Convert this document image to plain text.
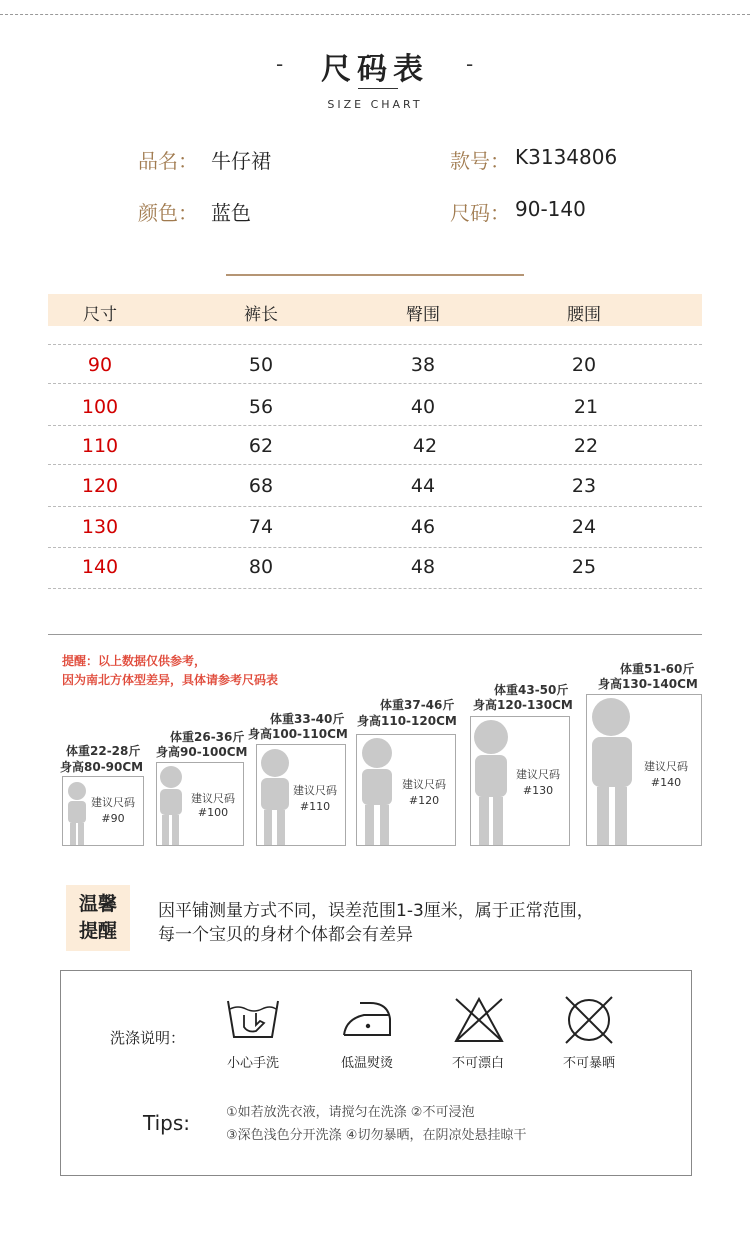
-	尺码表	-
SIZE CHART
品名： 牛仔裙	款号： K3134806
颜色： 蓝色	尺码： 90-140
尺寸	裤长	臀围	腰围
90	50	38	20
100	56	40	21
110	62	42	22
120	68	44	23
130	74	46	24
140	80	48	25
提醒：以上数据仅供参考，
因为南北方体型差异，具体请参考尺码表
体重22-28斤
身高80-90CM
建议尺码
#90
体重26-36斤
身高90-100CM
建议尺码
#100
体重33-40斤
身高100-110CM
建议尺码
#110
体重37-46斤
身高110-120CM
建议尺码
#120
体重43-50斤
身高120-130CM
建议尺码
#130
体重51-60斤
身高130-140CM
建议尺码
#140
温馨
提醒
因平铺测量方式不同，误差范围1-3厘米，属于正常范围，
每一个宝贝的身材个体都会有差异
洗涤说明：
小心手洗	低温熨烫	不可漂白	不可暴晒
Tips:	①如若放洗衣液，请搅匀在洗涤 ②不可浸泡
③深色浅色分开洗涤 ④切勿暴晒，在阴凉处悬挂晾干
